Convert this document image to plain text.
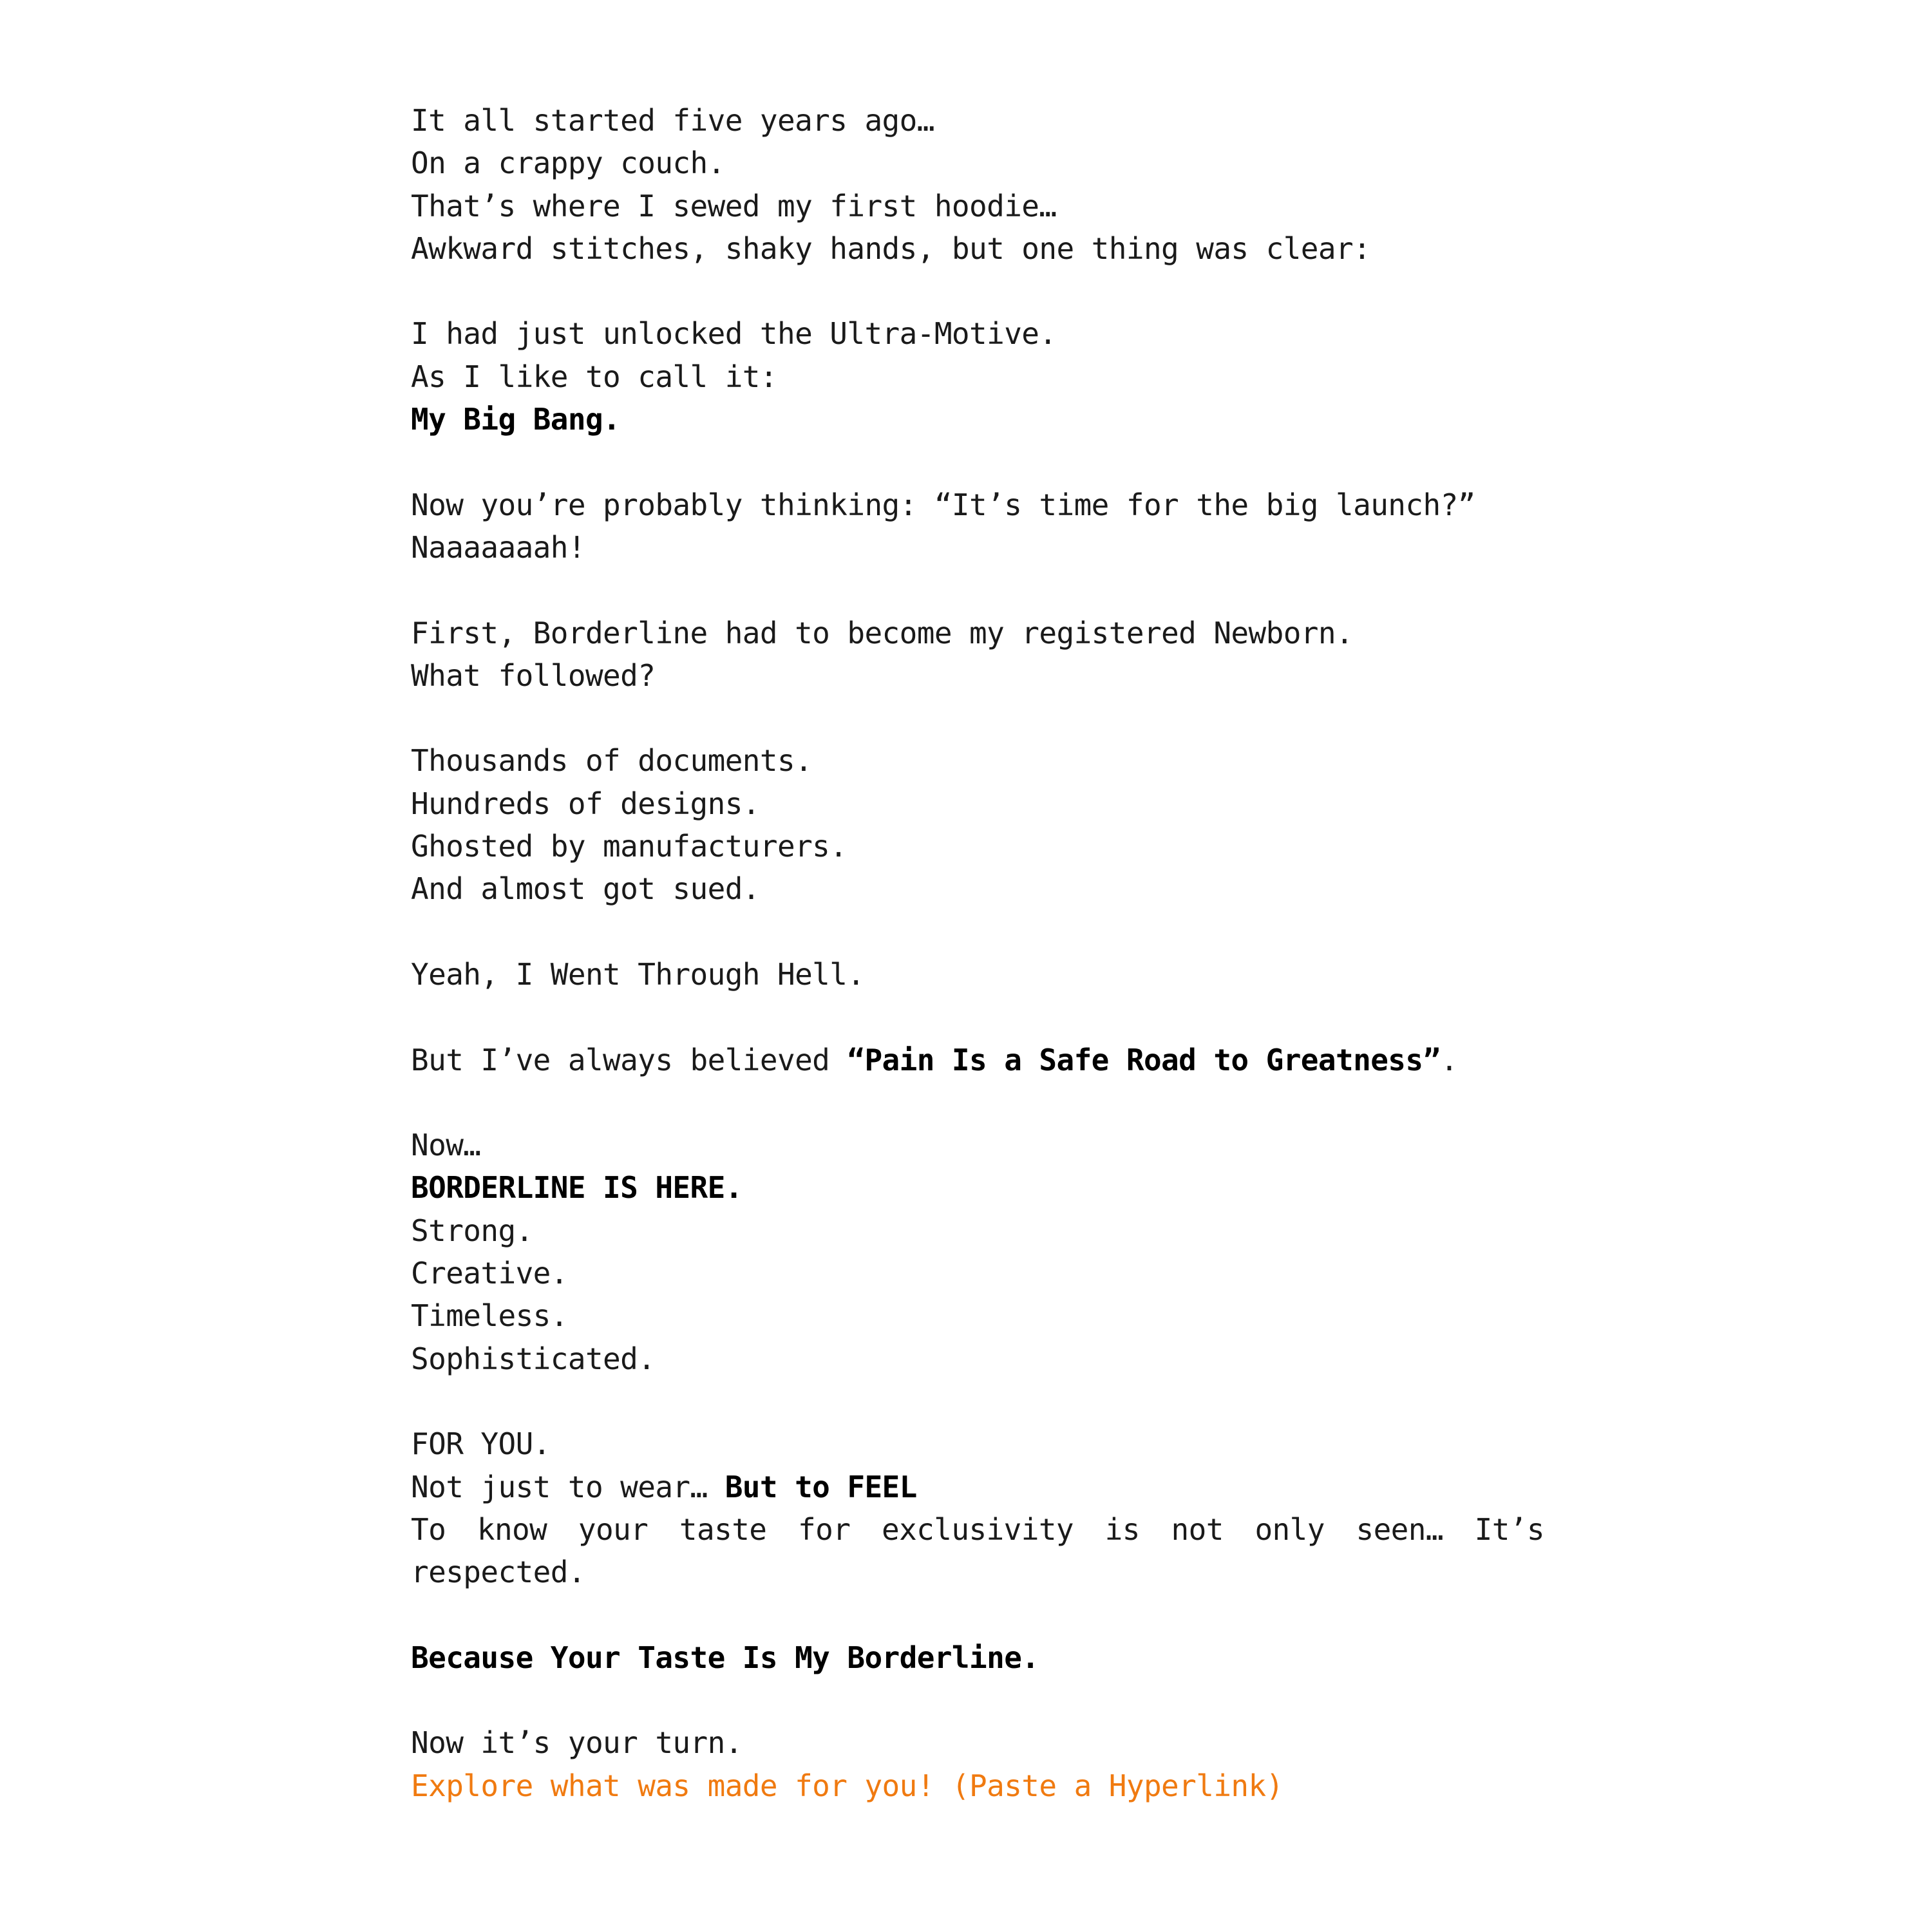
It all started five years ago…
On a crappy couch.
That’s where I sewed my first hoodie…
Awkward stitches, shaky hands, but one thing was clear:
I had just unlocked the Ultra-Motive.
As I like to call it:
My Big Bang.
Now you’re probably thinking: “It’s time for the big launch?”
Naaaaaaah!
First, Borderline had to become my registered Newborn.
What followed?
Thousands of documents.
Hundreds of designs.
Ghosted by manufacturers.
And almost got sued.
Yeah, I Went Through Hell.
But I’ve always believed “Pain Is a Safe Road to Greatness”.
Now…
BORDERLINE IS HERE.
Strong.
Creative.
Timeless.
Sophisticated.
FOR YOU.
Not just to wear… But to FEEL
To know your taste for exclusivity is not only seen… It’s respected.
Because Your Taste Is My Borderline.
Now it’s your turn.
Explore what was made for you! (Paste a Hyperlink)
